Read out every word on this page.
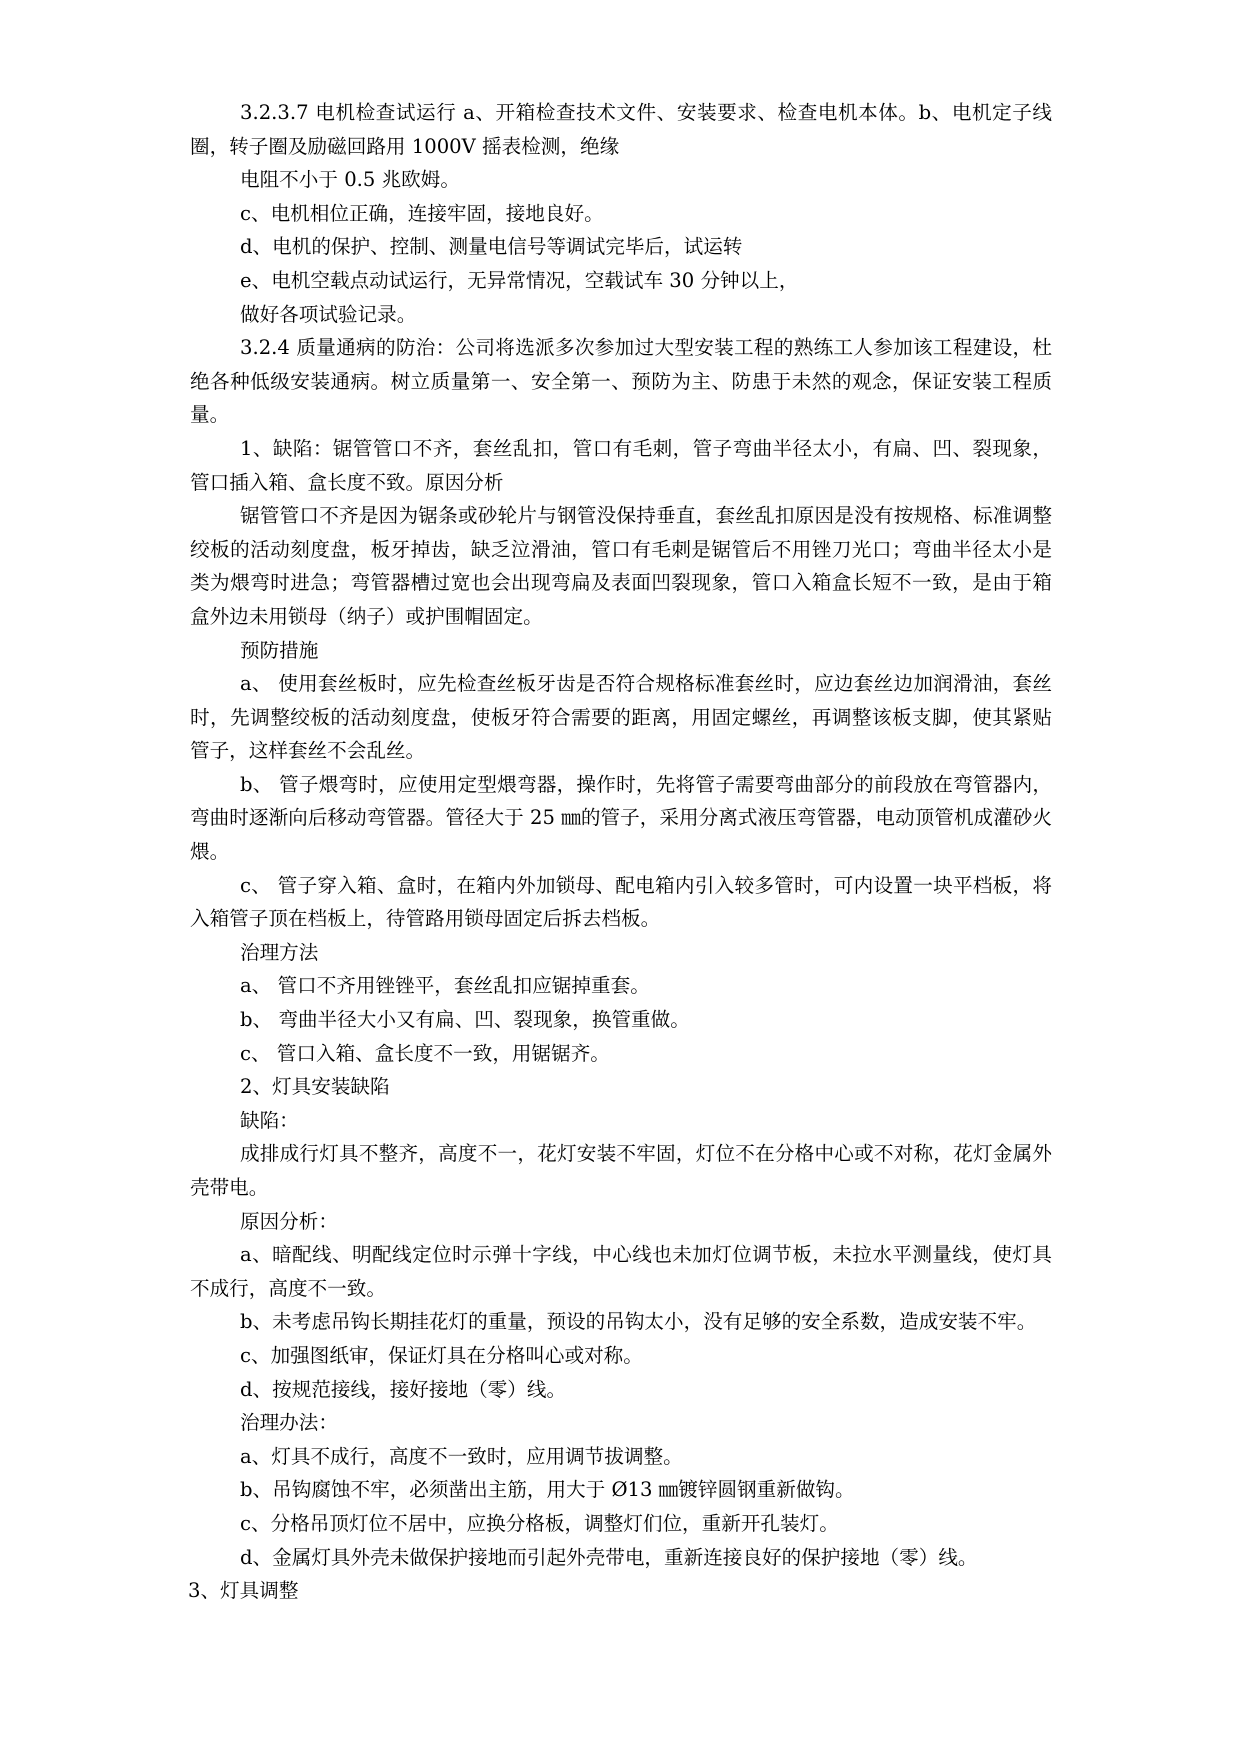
3.2.3.7 电机检查试运行 a、开箱检查技术文件、安装要求、检查电机本体。b、电机定子线圈，转子圈及励磁回路用 1000V 摇表检测，绝缘

电阻不小于 0.5 兆欧姆。

c、电机相位正确，连接牢固，接地良好。

d、电机的保护、控制、测量电信号等调试完毕后，试运转

e、电机空载点动试运行，无异常情况，空载试车 30 分钟以上，

做好各项试验记录。

3.2.4 质量通病的防治：公司将选派多次参加过大型安装工程的熟练工人参加该工程建设，杜绝各种低级安装通病。树立质量第一、安全第一、预防为主、防患于未然的观念，保证安装工程质量。

1、缺陷：锯管管口不齐，套丝乱扣，管口有毛刺，管子弯曲半径太小，有扁、凹、裂现象，管口插入箱、盒长度不致。原因分析

锯管管口不齐是因为锯条或砂轮片与钢管没保持垂直，套丝乱扣原因是没有按规格、标准调整绞板的活动刻度盘，板牙掉齿，缺乏泣滑油，管口有毛刺是锯管后不用锉刀光口；弯曲半径太小是类为煨弯时进急；弯管器槽过宽也会出现弯扁及表面凹裂现象，管口入箱盒长短不一致，是由于箱盒外边未用锁母（纳子）或护围帽固定。

预防措施

a、 使用套丝板时，应先检查丝板牙齿是否符合规格标准套丝时，应边套丝边加润滑油，套丝时，先调整绞板的活动刻度盘，使板牙符合需要的距离，用固定螺丝，再调整该板支脚，使其紧贴管子，这样套丝不会乱丝。

b、 管子煨弯时，应使用定型煨弯器，操作时，先将管子需要弯曲部分的前段放在弯管器内，弯曲时逐渐向后移动弯管器。管径大于 25 ㎜的管子，采用分离式液压弯管器，电动顶管机成灌砂火煨。

c、 管子穿入箱、盒时，在箱内外加锁母、配电箱内引入较多管时，可内设置一块平档板，将入箱管子顶在档板上，待管路用锁母固定后拆去档板。

治理方法

a、 管口不齐用锉锉平，套丝乱扣应锯掉重套。

b、 弯曲半径大小又有扁、凹、裂现象，换管重做。

c、 管口入箱、盒长度不一致，用锯锯齐。

2、灯具安装缺陷

缺陷：

成排成行灯具不整齐，高度不一，花灯安装不牢固，灯位不在分格中心或不对称，花灯金属外壳带电。

原因分析：

a、暗配线、明配线定位时示弹十字线，中心线也未加灯位调节板，未拉水平测量线，使灯具不成行，高度不一致。

b、未考虑吊钩长期挂花灯的重量，预设的吊钩太小，没有足够的安全系数，造成安装不牢。

c、加强图纸审，保证灯具在分格叫心或对称。

d、按规范接线，接好接地（零）线。

治理办法：

a、灯具不成行，高度不一致时，应用调节拔调整。

b、吊钩腐蚀不牢，必须凿出主筋，用大于 Ø13 ㎜镀锌圆钢重新做钩。

c、分格吊顶灯位不居中，应换分格板，调整灯们位，重新开孔装灯。

d、金属灯具外壳未做保护接地而引起外壳带电，重新连接良好的保护接地（零）线。

3、灯具调整
